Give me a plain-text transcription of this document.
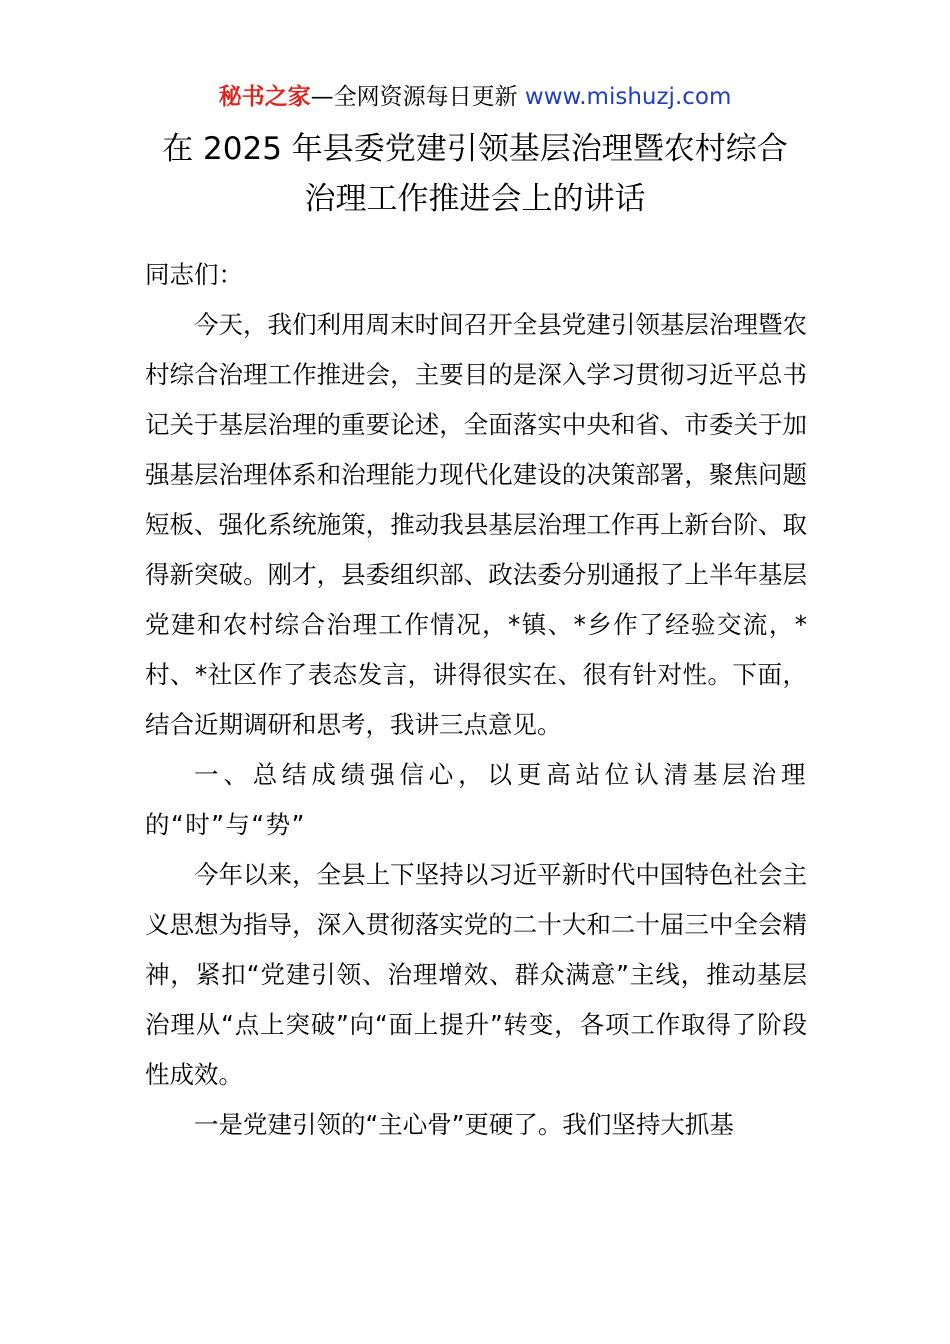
秘书之家—全网资源每日更新 www.mishuzj.com
在 2025 年县委党建引领基层治理暨农村综合
治理工作推进会上的讲话

同志们：

今天，我们利用周末时间召开全县党建引领基层治理暨农村综合治理工作推进会，主要目的是深入学习贯彻习近平总书记关于基层治理的重要论述，全面落实中央和省、市委关于加强基层治理体系和治理能力现代化建设的决策部署，聚焦问题短板、强化系统施策，推动我县基层治理工作再上新台阶、取得新突破。刚才，县委组织部、政法委分别通报了上半年基层党建和农村综合治理工作情况，*镇、*乡作了经验交流，*村、*社区作了表态发言，讲得很实在、很有针对性。下面，结合近期调研和思考，我讲三点意见。

一、总结成绩强信心，以更高站位认清基层治理的“时”与“势”

今年以来，全县上下坚持以习近平新时代中国特色社会主义思想为指导，深入贯彻落实党的二十大和二十届三中全会精神，紧扣“党建引领、治理增效、群众满意”主线，推动基层治理从“点上突破”向“面上提升”转变，各项工作取得了阶段性成效。

一是党建引领的“主心骨”更硬了。我们坚持大抓基
